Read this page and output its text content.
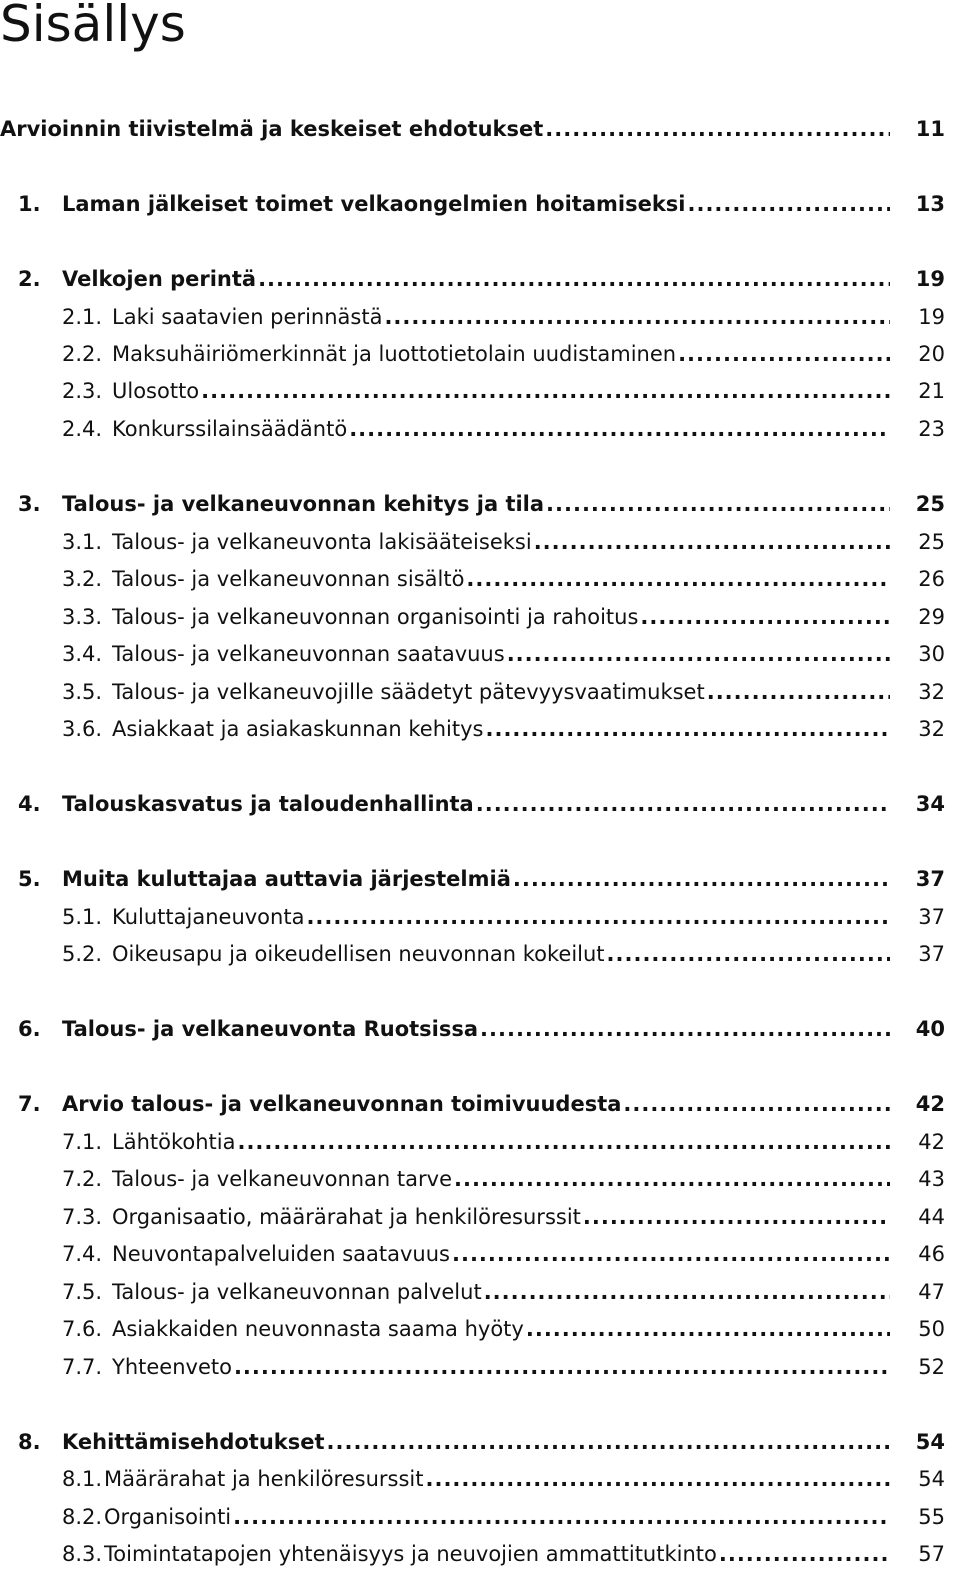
Sisällys
Arvioinnin tiivistelmä ja keskeiset ehdotukset .....	11
1. Laman jälkeiset toimet velkaongelmien hoitamiseksi .....	13
2. Velkojen perintä .....	19
2.1. Laki saatavien perinnästä .....	19
2.2. Maksuhäiriömerkinnät ja luottotietolain uudistaminen .....	20
2.3. Ulosotto .....	21
2.4. Konkurssilainsäädäntö .....	23
3. Talous- ja velkaneuvonnan kehitys ja tila .....	25
3.1. Talous- ja velkaneuvonta lakisääteiseksi .....	25
3.2. Talous- ja velkaneuvonnan sisältö .....	26
3.3. Talous- ja velkaneuvonnan organisointi ja rahoitus .....	29
3.4. Talous- ja velkaneuvonnan saatavuus .....	30
3.5. Talous- ja velkaneuvojille säädetyt pätevyysvaatimukset .....	32
3.6. Asiakkaat ja asiakaskunnan kehitys .....	32
4. Talouskasvatus ja taloudenhallinta .....	34
5. Muita kuluttajaa auttavia järjestelmiä .....	37
5.1. Kuluttajaneuvonta .....	37
5.2. Oikeusapu ja oikeudellisen neuvonnan kokeilut .....	37
6. Talous- ja velkaneuvonta Ruotsissa .....	40
7. Arvio talous- ja velkaneuvonnan toimivuudesta .....	42
7.1. Lähtökohtia .....	42
7.2. Talous- ja velkaneuvonnan tarve .....	43
7.3. Organisaatio, määrärahat ja henkilöresurssit .....	44
7.4. Neuvontapalveluiden saatavuus .....	46
7.5. Talous- ja velkaneuvonnan palvelut .....	47
7.6. Asiakkaiden neuvonnasta saama hyöty .....	50
7.7. Yhteenveto .....	52
8. Kehittämisehdotukset .....	54
8.1. Määrärahat ja henkilöresurssit .....	54
8.2. Organisointi .....	55
8.3. Toimintatapojen yhtenäisyys ja neuvojien ammattitutkinto .....	57
